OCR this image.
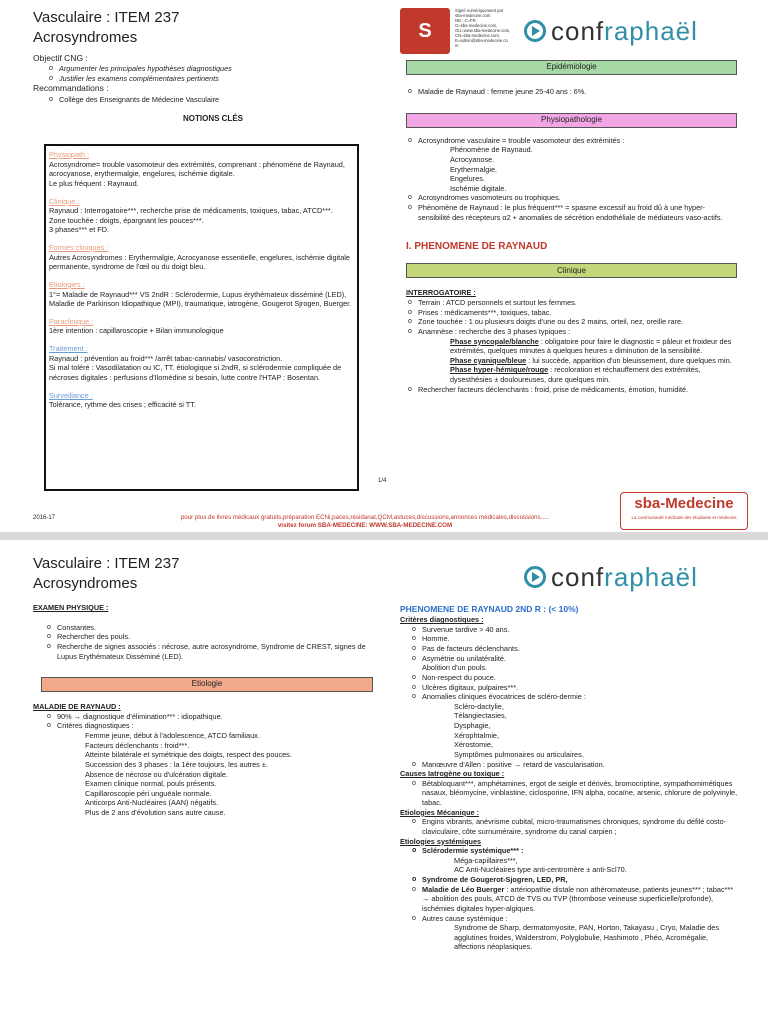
Vasculaire : ITEM 237
Acrosyndromes
Objectif CNG :
o Argumenter les principales hypothèses diagnostiques
o Justifier les examens complémentaires pertinents
Recommandations :
o Collège des Enseignants de Médecine Vasculaire
NOTIONS CLÉS
Physiopath :
Acrosyndrome= trouble vasomoteur des extrémités, comprenant : phénomène de Raynaud, acrocyanose, erythermalgie, engelures, ischémie digitale.
Le plus fréquent : Raynaud.
Clinique :
Raynaud : Interrogatoire***, recherche prise de médicaments, toxiques, tabac, ATCD***.
Zone touchée : doigts, épargnant les pouces***.
3 phases*** et FD.
Formes cliniques :
Autres Acrosyndromes : Erythermalgie, Acrocyanose essentielle, engelures, ischémie digitale permanente, syndrome de l'œil ou du doigt bleu.
Etiologies :
1°= Maladie de Raynaud*** VS 2ndR : Sclérodermie, Lupus érythémateux disséminé (LED), Maladie de Parkinson Idiopathique (MPI), traumatique, iatrogène, Gougerot Sjrogen, Buerger.
Paraclinique :
1ère intention : capillaroscopie + Bilan immunologique
Traitement :
Raynaud : prévention au froid*** /arrêt tabac-cannabis/ vasoconstriction.
Si mal toléré : Vasodilatation ou IC, TT. étiologique si 2ndR, si sclérodermie compliquée de nécroses digitales : perfusions d'Ilomédine si besoin, lutte contre l'HTAP : Bosentan.
Surveillance :
Tolérance, rythme des crises ; efficacité si TT.
S
Signé numériquement par
sba-medecine.com
ND : C=FR,
O=sba-medecine.com,
OU=www.sba-medecine.com,
CN=sba-medecine.com,
E=admin@sba-medecine.co
m	confraphaël
Epidémiologie
o Maladie de Raynaud : femme jeune 25-40 ans : 6%.
Physiopathologie
o Acrosyndrome vasculaire = trouble vasomoteur des extrémités :
Phénomène de Raynaud.
Acrocyanose.
Erythermalgie.
Engelures.
Ischémie digitale.
o Acrosyndromes vasomoteurs ou trophiques.
o Phénomène de Raynaud : le plus fréquent*** = spasme excessif au froid dû à une hyper-sensibilité des récepteurs α2 + anomalies de sécrétion endothéliale de médiateurs vaso-actifs.
I. PHENOMENE DE RAYNAUD
Clinique
INTERROGATOIRE :
o Terrain : ATCD personnels et surtout les femmes.
o Prises : médicaments***, toxiques, tabac.
o Zone touchée : 1 ou plusieurs doigts d'une ou des 2 mains, orteil, nez, oreille rare.
o Anamnèse : recherche des 3 phases typiques :
Phase syncopale/blanche : obligatoire pour faire le diagnostic = pâleur et froideur des extrémités, quelques minutes à quelques heures ± diminution de la sensibilité.
Phase cyanique/bleue : lui succède, apparition d'un bleuissement, dure quelques min.
Phase hyper-hémique/rouge : recoloration et réchauffement des extrémités, dysesthésies ± douloureuses, dure quelques min.
o Rechercher facteurs déclenchants : froid, prise de médicaments, émotion, humidité.
1/4
2016-17	pour plus de livres médicaux gratuits,préparation ECNi,paces,résidanat,QCM,astuces,discussions,annonces médicales,discussions.....
visitez forum SBA-MEDECINE: WWW.SBA-MEDECINE.COM
sba-Medecine
La communauté médicale des étudiants et médecins
Vasculaire : ITEM 237
Acrosyndromes
EXAMEN PHYSIQUE :
o Constantes.
o Rechercher des pouls.
o Recherche de signes associés : nécrose, autre acrosyndrome, Syndrome de CREST, signes de Lupus Erythémateux Disséminé (LED).
Etiologie
MALADIE DE RAYNAUD :
o 90% → diagnostique d'élimination*** : idiopathique.
o Critères diagnostiques :
Femme jeune, début à l'adolescence, ATCD familiaux.
Facteurs déclenchants : froid***.
Atteinte bilatérale et symétrique des doigts, respect des pouces.
Succession des 3 phases : la 1ère toujours, les autres ±.
Absence de nécrose ou d'ulcération digitale.
Examen clinique normal, pouls présents.
Capillaroscopie péri unguéale normale.
Anticorps Anti-Nucléaires (AAN) négatifs.
Plus de 2 ans d'évolution sans autre cause.
confraphaël
PHENOMENE DE RAYNAUD 2ND R : (< 10%)
Critères diagnostiques :
o Survenue tardive > 40 ans.
o Homme.
o Pas de facteurs déclenchants.
o Asymétrie ou unilatéralité.
Abolition d'un pouls.
o Non-respect du pouce.
o Ulcères digitaux, pulpaires***.
o Anomalies cliniques évocatrices de scléro-dermie :
Scléro-dactylie,
Télangiectasies,
Dysphagie,
Xérophtalmie,
Xérostomie,
Symptômes pulmonaires ou articulaires.
o Manœuvre d'Allen : positive → retard de vascularisation.
Causes Iatrogène ou toxique :
o Bétabloquant***, amphétamines, ergot de seigle et dérivés, bromocriptine, sympathomimétiques nasaux, bléomycine, vinblastine, ciclosporine, IFN alpha, cocaïne, arsenic, chlorure de polyvinyle, tabac.
Etiologies Mécanique :
o Engins vibrants, anévrisme cubital, micro-traumatismes chroniques, syndrome du défilé costo-claviculaire, côte surnuméraire, syndrome du canal carpien ;
Etiologies systémiques
o Sclérodermie systémique*** :
Méga-capillaires***,
AC Anti-Nucléaires type anti-centromère ± anti-Scl70.
o Syndrome de Gougerot-Sjogren, LED, PR,
o Maladie de Léo Buerger : artériopathie distale non athéromateuse, patients jeunes*** ; tabac*** → abolition des pouls, ATCD de TVS ou TVP (thrombose veineuse superficielle/profonde), ischémies digitales hyper-algiques.
o Autres cause systémique :
Syndrome de Sharp, dermatomyosite, PAN, Horton, Takayasu , Cryo, Maladie des agglutines froides, Walderstrom, Polyglobulie, Hashimoto , Phéo, Acromégalie, affections néoplasiques.
